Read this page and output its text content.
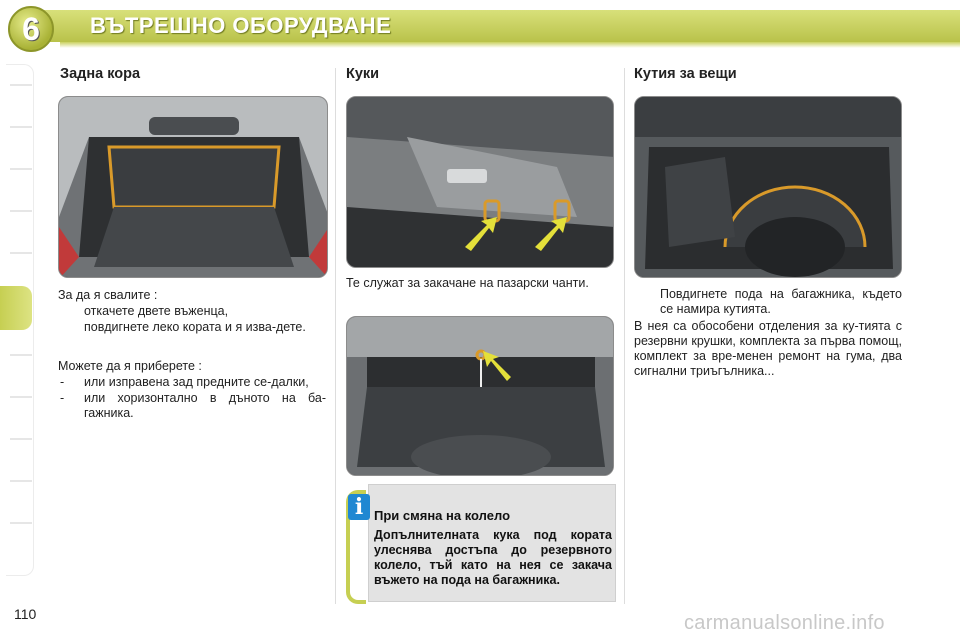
6	ВЪТРЕШНО ОБОРУДВАНЕ
Задна кора

За да я свалите :

откачете двете въженца,

повдигнете леко кората и я изва-дете.

Можете да я приберете :

- или изправена зад предните се-далки,

- или хоризонтално в дъното на ба-гажника.

Куки
Те служат за закачане на пазарски чанти.
i При смяна на колело
Допълнителната кука под кората улеснява достъпа до резервното колело, тъй като на нея се закача въжето на пода на багажника.
Кутия за вещи

Повдигнете пода на багажника, където се намира кутията.

В нея са обособени отделения за ку-тията с резервни крушки, комплекта за първа помощ, комплект за вре-менен ремонт на гума, два сигнални триъгълника...

110	carmanualsonline.info
